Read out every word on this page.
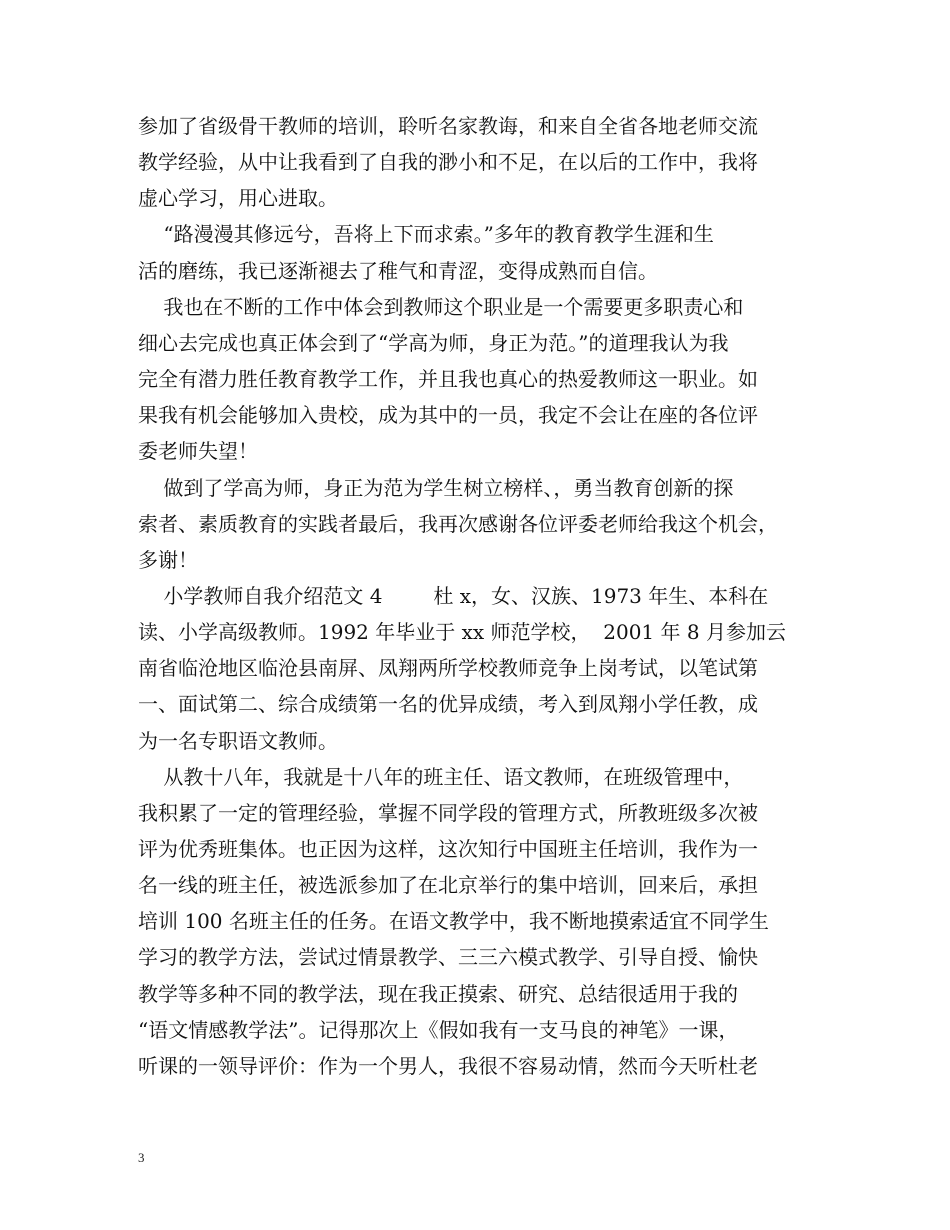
参加了省级骨干教师的培训，聆听名家教诲，和来自全省各地老师交流

教学经验，从中让我看到了自我的渺小和不足，在以后的工作中，我将

虚心学习，用心进取。

“路漫漫其修远兮，吾将上下而求索。”多年的教育教学生涯和生

活的磨练，我已逐渐褪去了稚气和青涩，变得成熟而自信。

我也在不断的工作中体会到教师这个职业是一个需要更多职责心和

细心去完成也真正体会到了“学高为师，身正为范。”的道理我认为我

完全有潜力胜任教育教学工作，并且我也真心的热爱教师这一职业。如

果我有机会能够加入贵校，成为其中的一员，我定不会让在座的各位评

委老师失望！

做到了学高为师，身正为范为学生树立榜样、，勇当教育创新的探

索者、素质教育的实践者最后，我再次感谢各位评委老师给我这个机会，

多谢！

小学教师自我介绍范文 4        杜 x，女、汉族、1973 年生、本科在

读、小学高级教师。1992 年毕业于 xx 师范学校，  2001 年 8 月参加云

南省临沧地区临沧县南屏、凤翔两所学校教师竞争上岗考试，以笔试第

一、面试第二、综合成绩第一名的优异成绩，考入到凤翔小学任教，成

为一名专职语文教师。

从教十八年，我就是十八年的班主任、语文教师，在班级管理中，

我积累了一定的管理经验，掌握不同学段的管理方式，所教班级多次被

评为优秀班集体。也正因为这样，这次知行中国班主任培训，我作为一

名一线的班主任，被选派参加了在北京举行的集中培训，回来后，承担

培训 100 名班主任的任务。在语文教学中，我不断地摸索适宜不同学生

学习的教学方法，尝试过情景教学、三三六模式教学、引导自授、愉快

教学等多种不同的教学法，现在我正摸索、研究、总结很适用于我的

“语文情感教学法”。记得那次上《假如我有一支马良的神笔》一课，

听课的一领导评价：作为一个男人，我很不容易动情，然而今天听杜老

3
